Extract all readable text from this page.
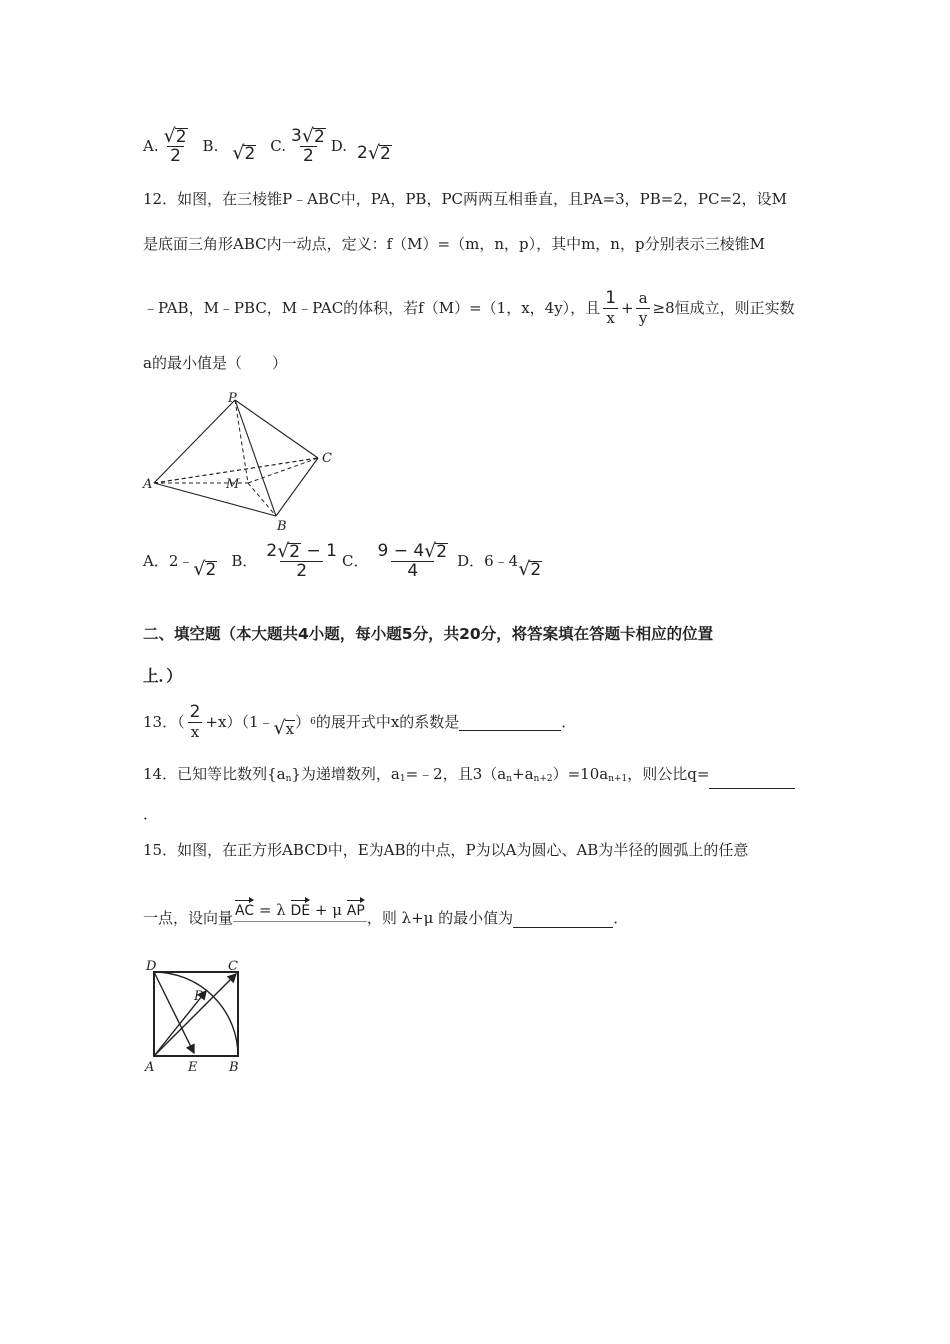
A. $\frac{√ 2}{2} B$. √ 2 C. $\frac{3 √ 2}{2} D$. 2 √ 2
12．如图，在三棱锥P﹣ABC中，PA，PB，PC两两互相垂直，且PA=3，PB=2，PC=2，设M
是底面三角形ABC内一动点，定义：f（M）=（m，n，p），其中m，n，p分别表示三棱锥M
﹣PAB，M﹣PBC，M﹣PAC的体积，若f（M）=（1，x，4y），且 $\frac{1}{x} + \frac{a}{y} \ge 8$恒成立，则正实数
a的最小值是（　　）
P
A
B
C
M
A．2﹣ √ 2 B． $\frac{2 √ 2 - 1}{2}$ C． $\frac{9 - 4 √ 2}{4}$ D．6﹣4 √ 2
二、填空题（本大题共4小题，每小题5分，共20分，将答案填在答题卡相应的位置
上．）
13．（ $\frac{2}{x}$ +x）（1﹣ √ x ） 6 的展开式中x的系数是	．
14．已知等比数列$\{a_n\}$为递增数列，$a_1=﹣2$，且$3(a_n+a_{n+2})=10a_{n+1}$，则公比q=
．
15．如图，在正方形ABCD中，E为AB的中点，P为以A为圆心、AB为半径的圆弧上的任意
一点，设向量 AC = λ DE + μ AP ，则 λ+μ 的最小值为	．
D	C
A	E B
P
